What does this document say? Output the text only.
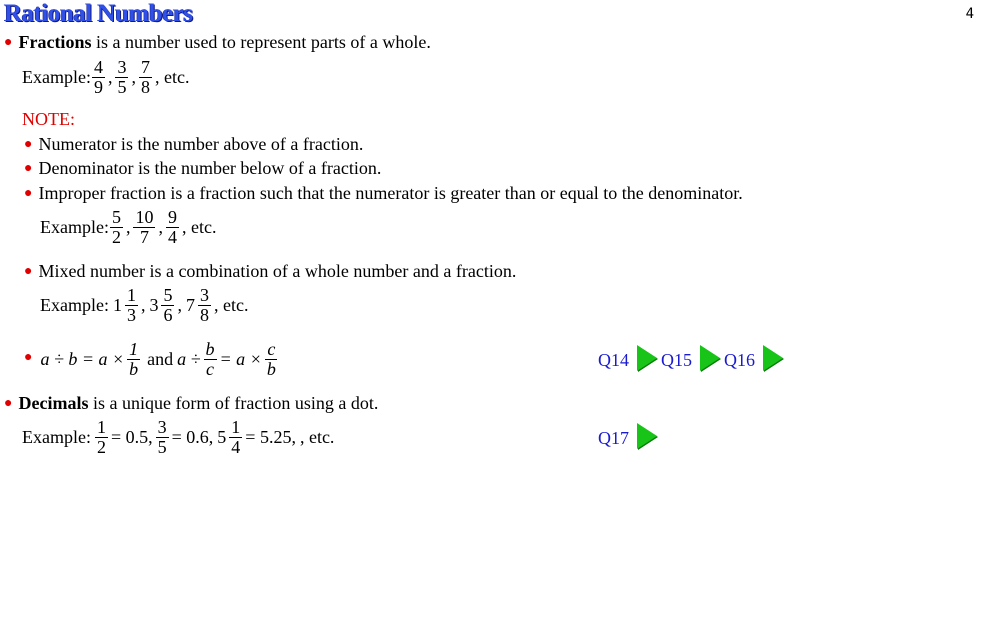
Rational Numbers	4
● Fractions is a number used to represent parts of a whole.
Example: $\frac{4}{9}$ , $\frac{3}{5}$ , $\frac{7}{8}$ , etc.
NOTE:
● Numerator is the number above of a fraction.
● Denominator is the number below of a fraction.
● Improper fraction is a fraction such that the numerator is greater than or equal to the denominator.
Example: $\frac{5}{2}$ , $\frac{10}{7}$ , $\frac{9}{4}$ , etc.
● Mixed number is a combination of a whole number and a fraction.
Example: $1 \frac{1}{3}$ , $3 \frac{5}{6}$ , $7 \frac{3}{8}$ , etc.
● $a \div b = a \times \frac{1}{b}$ and $a \div \frac{b}{c} = a \times \frac{c}{b}$	Q14 Q15 Q16
● Decimals is a unique form of fraction using a dot.
Example: $\frac{1}{2} = 0.5$, $\frac{3}{5} = 0.6$, $5 \frac{1}{4} = 5.25$, , etc.	Q17
